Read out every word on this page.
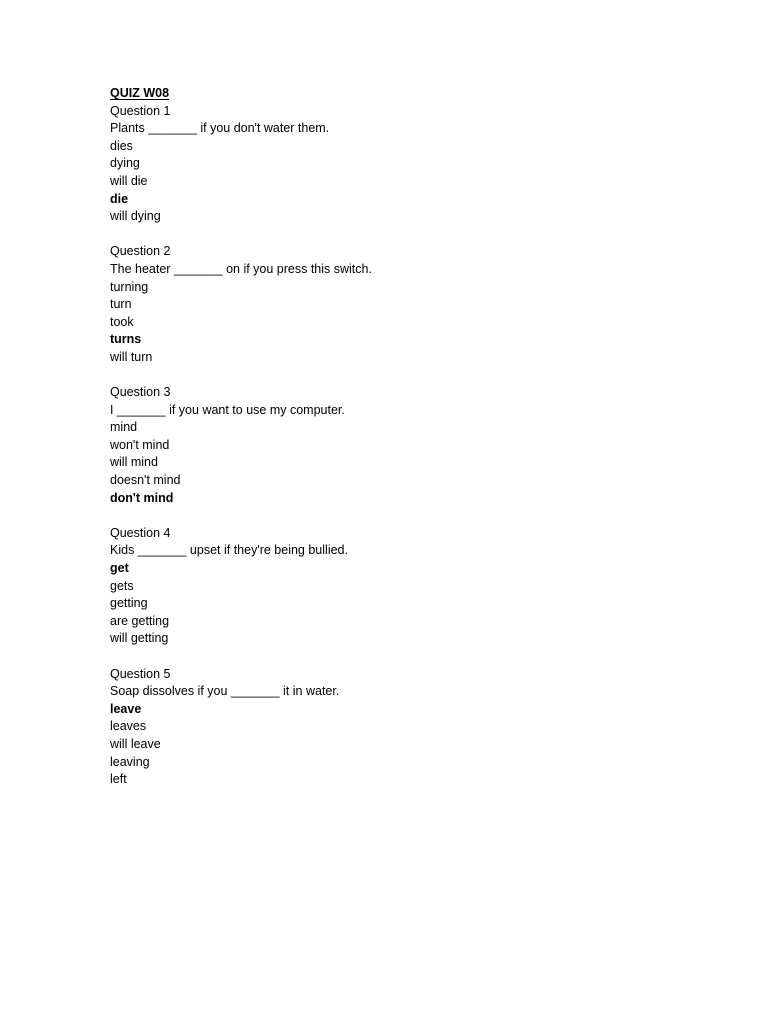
QUIZ W08
Question 1
Plants _______ if you don't water them.
dies
dying
will die
die
will dying
Question 2
The heater _______ on if you press this switch.
turning
turn
took
turns
will turn
Question 3
I _______ if you want to use my computer.
mind
won't mind
will mind
doesn't mind
don't mind
Question 4
Kids _______ upset if they're being bullied.
get
gets
getting
are getting
will getting
Question 5
Soap dissolves if you _______ it in water.
leave
leaves
will leave
leaving
left
